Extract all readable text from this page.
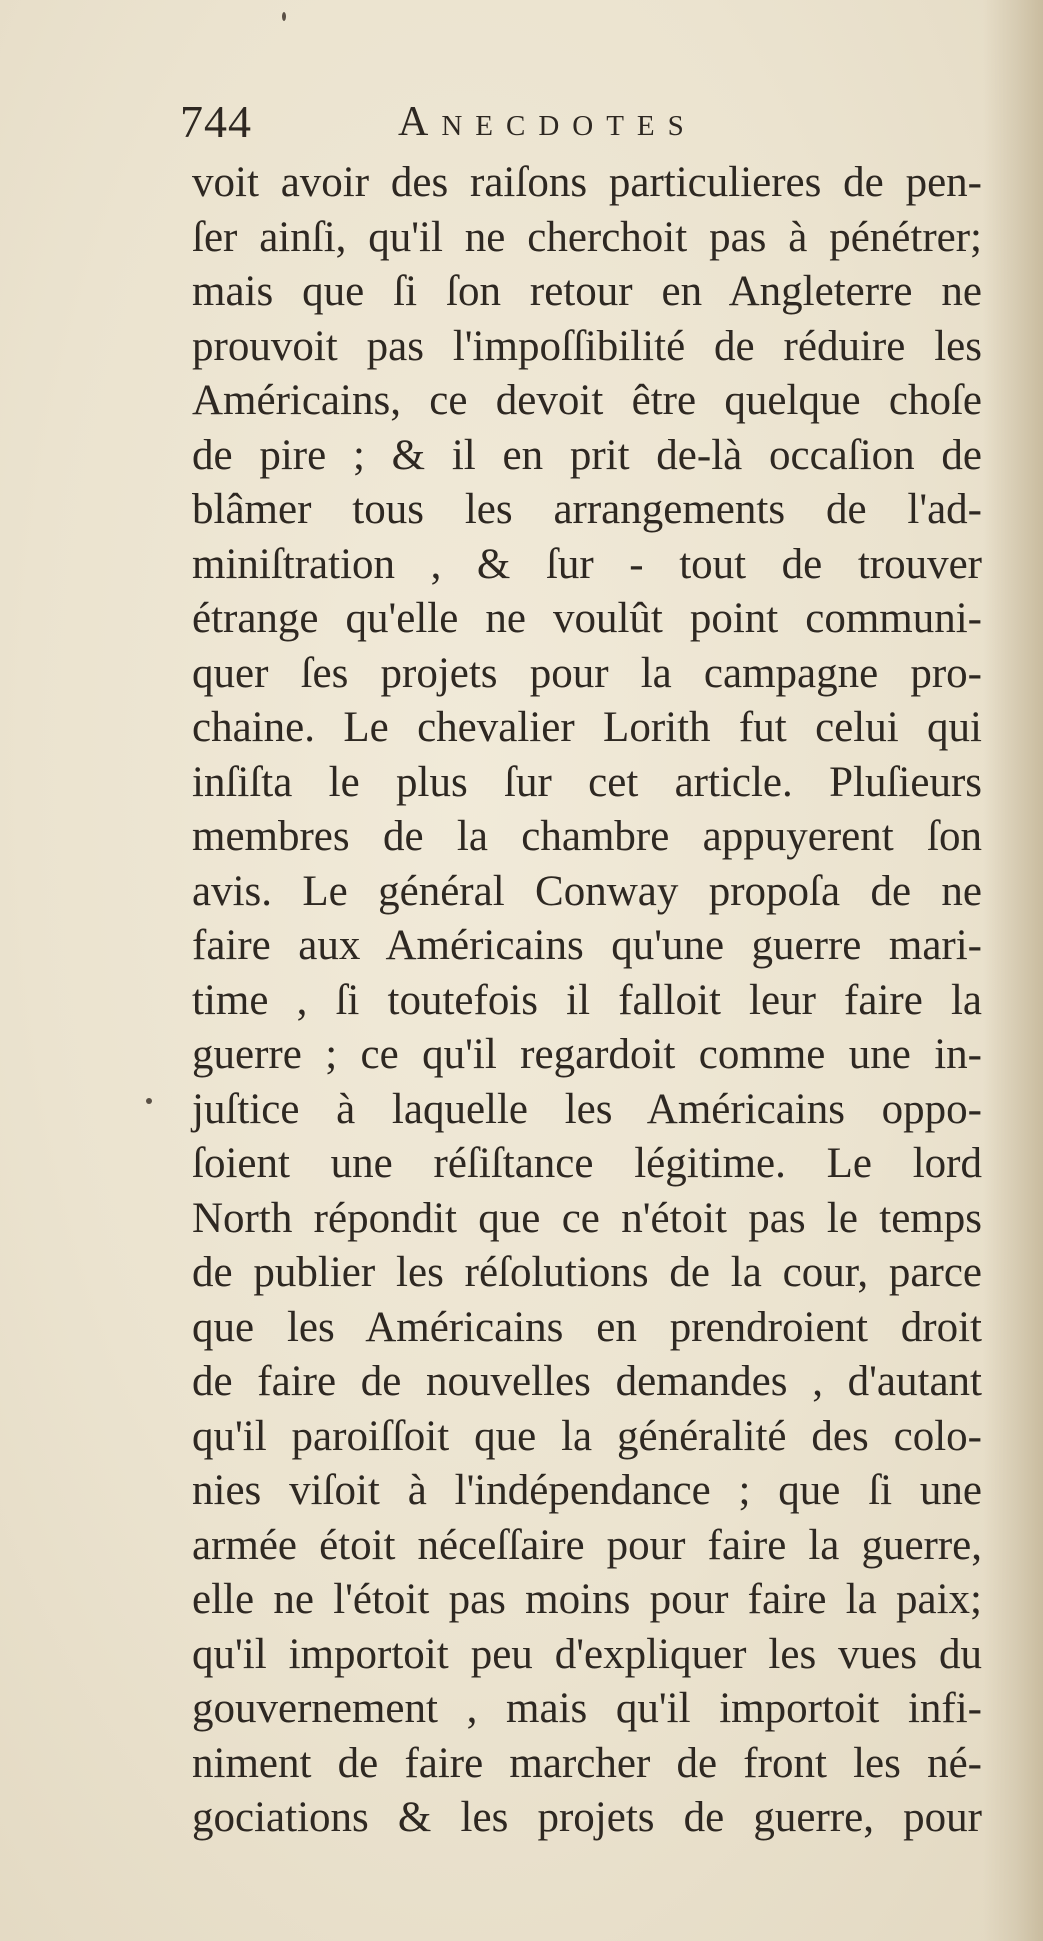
744	Anecdotes
voit avoir des raiſons particulieres de pen-
ſer ainſi, qu'il ne cherchoit pas à pénétrer;
mais que ſi ſon retour en Angleterre ne
prouvoit pas l'impoſſibilité de réduire les
Américains, ce devoit être quelque choſe
de pire ; & il en prit de-là occaſion de
blâmer tous les arrangements de l'ad-
miniſtration , & ſur - tout de trouver
étrange qu'elle ne voulût point communi-
quer ſes projets pour la campagne pro-
chaine. Le chevalier Lorith fut celui qui
inſiſta le plus ſur cet article. Pluſieurs
membres de la chambre appuyerent ſon
avis. Le général Conway propoſa de ne
faire aux Américains qu'une guerre mari-
time , ſi toutefois il falloit leur faire la
guerre ; ce qu'il regardoit comme une in-
juſtice à laquelle les Américains oppo-
ſoient une réſiſtance légitime. Le lord
North répondit que ce n'étoit pas le temps
de publier les réſolutions de la cour, parce
que les Américains en prendroient droit
de faire de nouvelles demandes , d'autant
qu'il paroiſſoit que la généralité des colo-
nies viſoit à l'indépendance ; que ſi une
armée étoit néceſſaire pour faire la guerre,
elle ne l'étoit pas moins pour faire la paix;
qu'il importoit peu d'expliquer les vues du
gouvernement , mais qu'il importoit infi-
niment de faire marcher de front les né-
gociations & les projets de guerre, pour
